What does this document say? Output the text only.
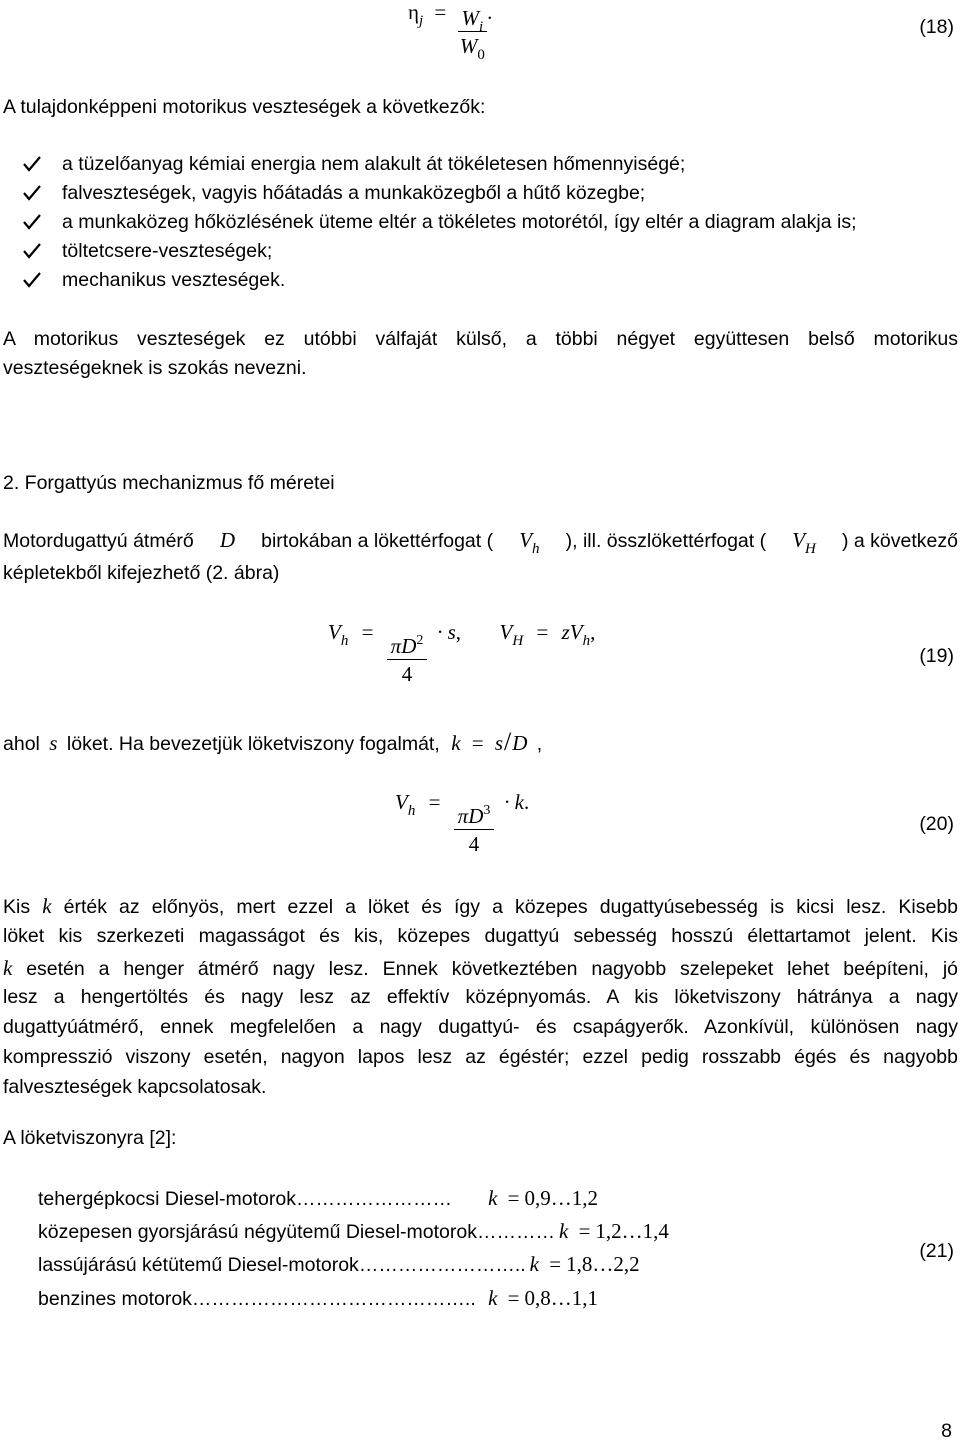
$\eta_j = \frac{W_i}{W_0}$ .
(18)
A tulajdonképpeni motorikus veszteségek a következők:
a tüzelőanyag kémiai energia nem alakult át tökéletesen hőmennyiségé;
falveszteségek, vagyis hőátadás a munkaközegből a hűtő közegbe;
a munkaközeg hőközlésének üteme eltér a tökéletes motorétól, így eltér a diagram alakja is;
töltetcsere-veszteségek;
mechanikus veszteségek.
A motorikus veszteségek ez utóbbi válfaját külső, a többi négyet együttesen belső motorikus
veszteségeknek is szokás nevezni.
2. Forgattyús mechanizmus fő méretei
Motordugattyú átmérő D birtokában a lökettérfogat ( $V_h$ ), ill. összlökettérfogat ( $V_H$ ) a következő
képletekből kifejezhető (2. ábra)
$V_h$ =
$\frac{\pi D^2}{4}$
· s, $V_H = zV_h$,
(19)
ahol s löket. Ha bevezetjük löketviszony fogalmát, k = s/D ,
$V_h$ =
$\frac{\pi D^3}{4}$
· k.
(20)
Kis k érték az előnyös, mert ezzel a löket és így a közepes dugattyúsebesség is kicsi lesz. Kisebb
löket kis szerkezeti magasságot és kis, közepes dugattyú sebesség hosszú élettartamot jelent. Kis
k esetén a henger átmérő nagy lesz. Ennek következtében nagyobb szelepeket lehet beépíteni, jó
lesz a hengertöltés és nagy lesz az effektív középnyomás. A kis löketviszony hátránya a nagy
dugattyúátmérő, ennek megfelelően a nagy dugattyú- és csapágyerők. Azonkívül, különösen nagy
kompresszió viszony esetén, nagyon lapos lesz az égéstér; ezzel pedig rosszabb égés és nagyobb
falveszteségek kapcsolatosak.
A löketviszonyra [2]:
tehergépkocsi Diesel-motorok ……………………	k = 0,9…1,2
közepesen gyorsjárású négyütemű Diesel-motorok ………… k = 1,2…1,4
lassújárású kétütemű Diesel-motorok …………………….. k = 1,8…2,2
benzines motorok …………………………………….. k = 0,8…1,1
(21)
8
